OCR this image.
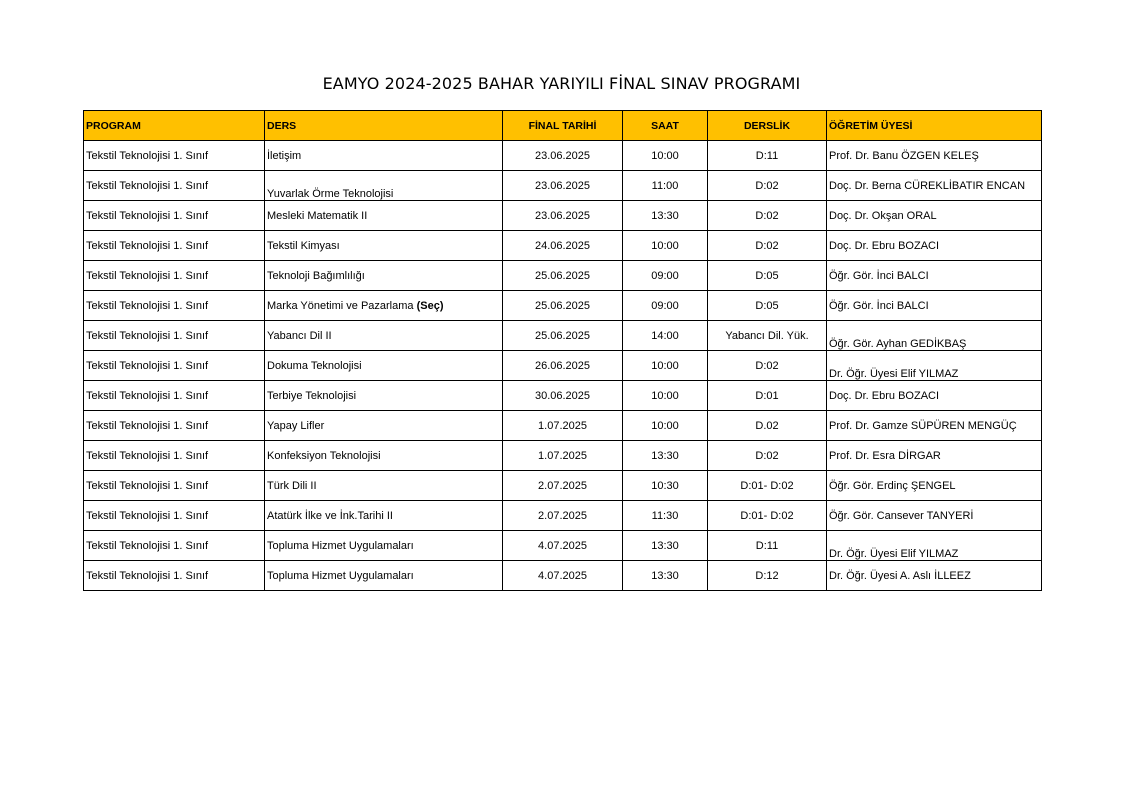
EAMYO 2024-2025 BAHAR YARIYILI FİNAL SINAV PROGRAMI
PROGRAM	DERS	FİNAL TARİHİ	SAAT	DERSLİK	ÖĞRETİM ÜYESİ
Tekstil Teknolojisi 1. Sınıf	İletişim	23.06.2025	10:00	D:11	Prof. Dr. Banu ÖZGEN KELEŞ
Tekstil Teknolojisi 1. Sınıf	Yuvarlak Örme Teknolojisi	23.06.2025	11:00	D:02	Doç. Dr. Berna CÜREKLİBATIR ENCAN
Tekstil Teknolojisi 1. Sınıf	Mesleki Matematik II	23.06.2025	13:30	D:02	Doç. Dr. Okşan ORAL
Tekstil Teknolojisi 1. Sınıf	Tekstil Kimyası	24.06.2025	10:00	D:02	Doç. Dr. Ebru BOZACI
Tekstil Teknolojisi 1. Sınıf	Teknoloji Bağımlılığı	25.06.2025	09:00	D:05	Öğr. Gör. İnci BALCI
Tekstil Teknolojisi 1. Sınıf	Marka Yönetimi ve Pazarlama (Seç)	25.06.2025	09:00	D:05	Öğr. Gör. İnci BALCI
Tekstil Teknolojisi 1. Sınıf	Yabancı Dil II	25.06.2025	14:00	Yabancı Dil. Yük.	Öğr. Gör. Ayhan GEDİKBAŞ
Tekstil Teknolojisi 1. Sınıf	Dokuma Teknolojisi	26.06.2025	10:00	D:02	Dr. Öğr. Üyesi Elif YILMAZ
Tekstil Teknolojisi 1. Sınıf	Terbiye Teknolojisi	30.06.2025	10:00	D:01	Doç. Dr. Ebru BOZACI
Tekstil Teknolojisi 1. Sınıf	Yapay Lifler	1.07.2025	10:00	D.02	Prof. Dr. Gamze SÜPÜREN MENGÜÇ
Tekstil Teknolojisi 1. Sınıf	Konfeksiyon Teknolojisi	1.07.2025	13:30	D:02	Prof. Dr. Esra DİRGAR
Tekstil Teknolojisi 1. Sınıf	Türk Dili II	2.07.2025	10:30	D:01- D:02	Öğr. Gör. Erdinç ŞENGEL
Tekstil Teknolojisi 1. Sınıf	Atatürk İlke ve İnk.Tarihi II	2.07.2025	11:30	D:01- D:02	Öğr. Gör. Cansever TANYERİ
Tekstil Teknolojisi 1. Sınıf	Topluma Hizmet Uygulamaları	4.07.2025	13:30	D:11	Dr. Öğr. Üyesi Elif YILMAZ
Tekstil Teknolojisi 1. Sınıf	Topluma Hizmet Uygulamaları	4.07.2025	13:30	D:12	Dr. Öğr. Üyesi A. Aslı İLLEEZ
